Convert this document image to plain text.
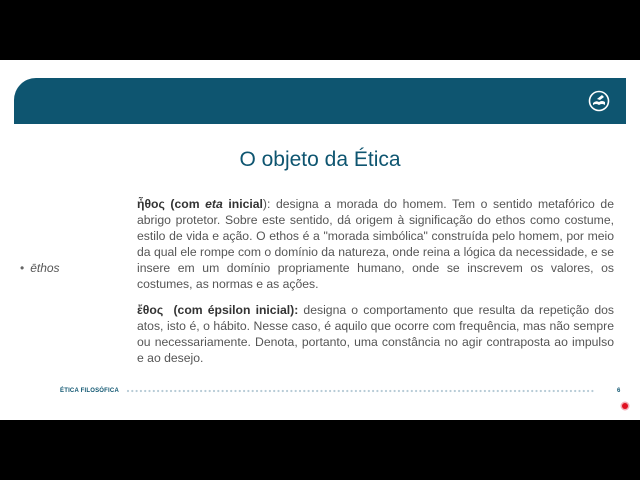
O objeto da Ética
• ēthos

ἦθος (com eta inicial): designa a morada do homem. Tem o sentido metafórico de abrigo protetor. Sobre este sentido, dá origem à significação do ethos como costume, estilo de vida e ação. O ethos é a "morada simbólica" construída pelo homem, por meio da qual ele rompe com o domínio da natureza, onde reina a lógica da necessidade, e se insere em um domínio propriamente humano, onde se inscrevem os valores, os costumes, as normas e as ações.

ἔθος  (com épsilon inicial): designa o comportamento que resulta da repetição dos atos, isto é, o hábito. Nesse caso, é aquilo que ocorre com frequência, mas não sempre ou necessariamente. Denota, portanto, uma constância no agir contraposta ao impulso e ao desejo.

ÉTICA FILOSÓFICA	6
